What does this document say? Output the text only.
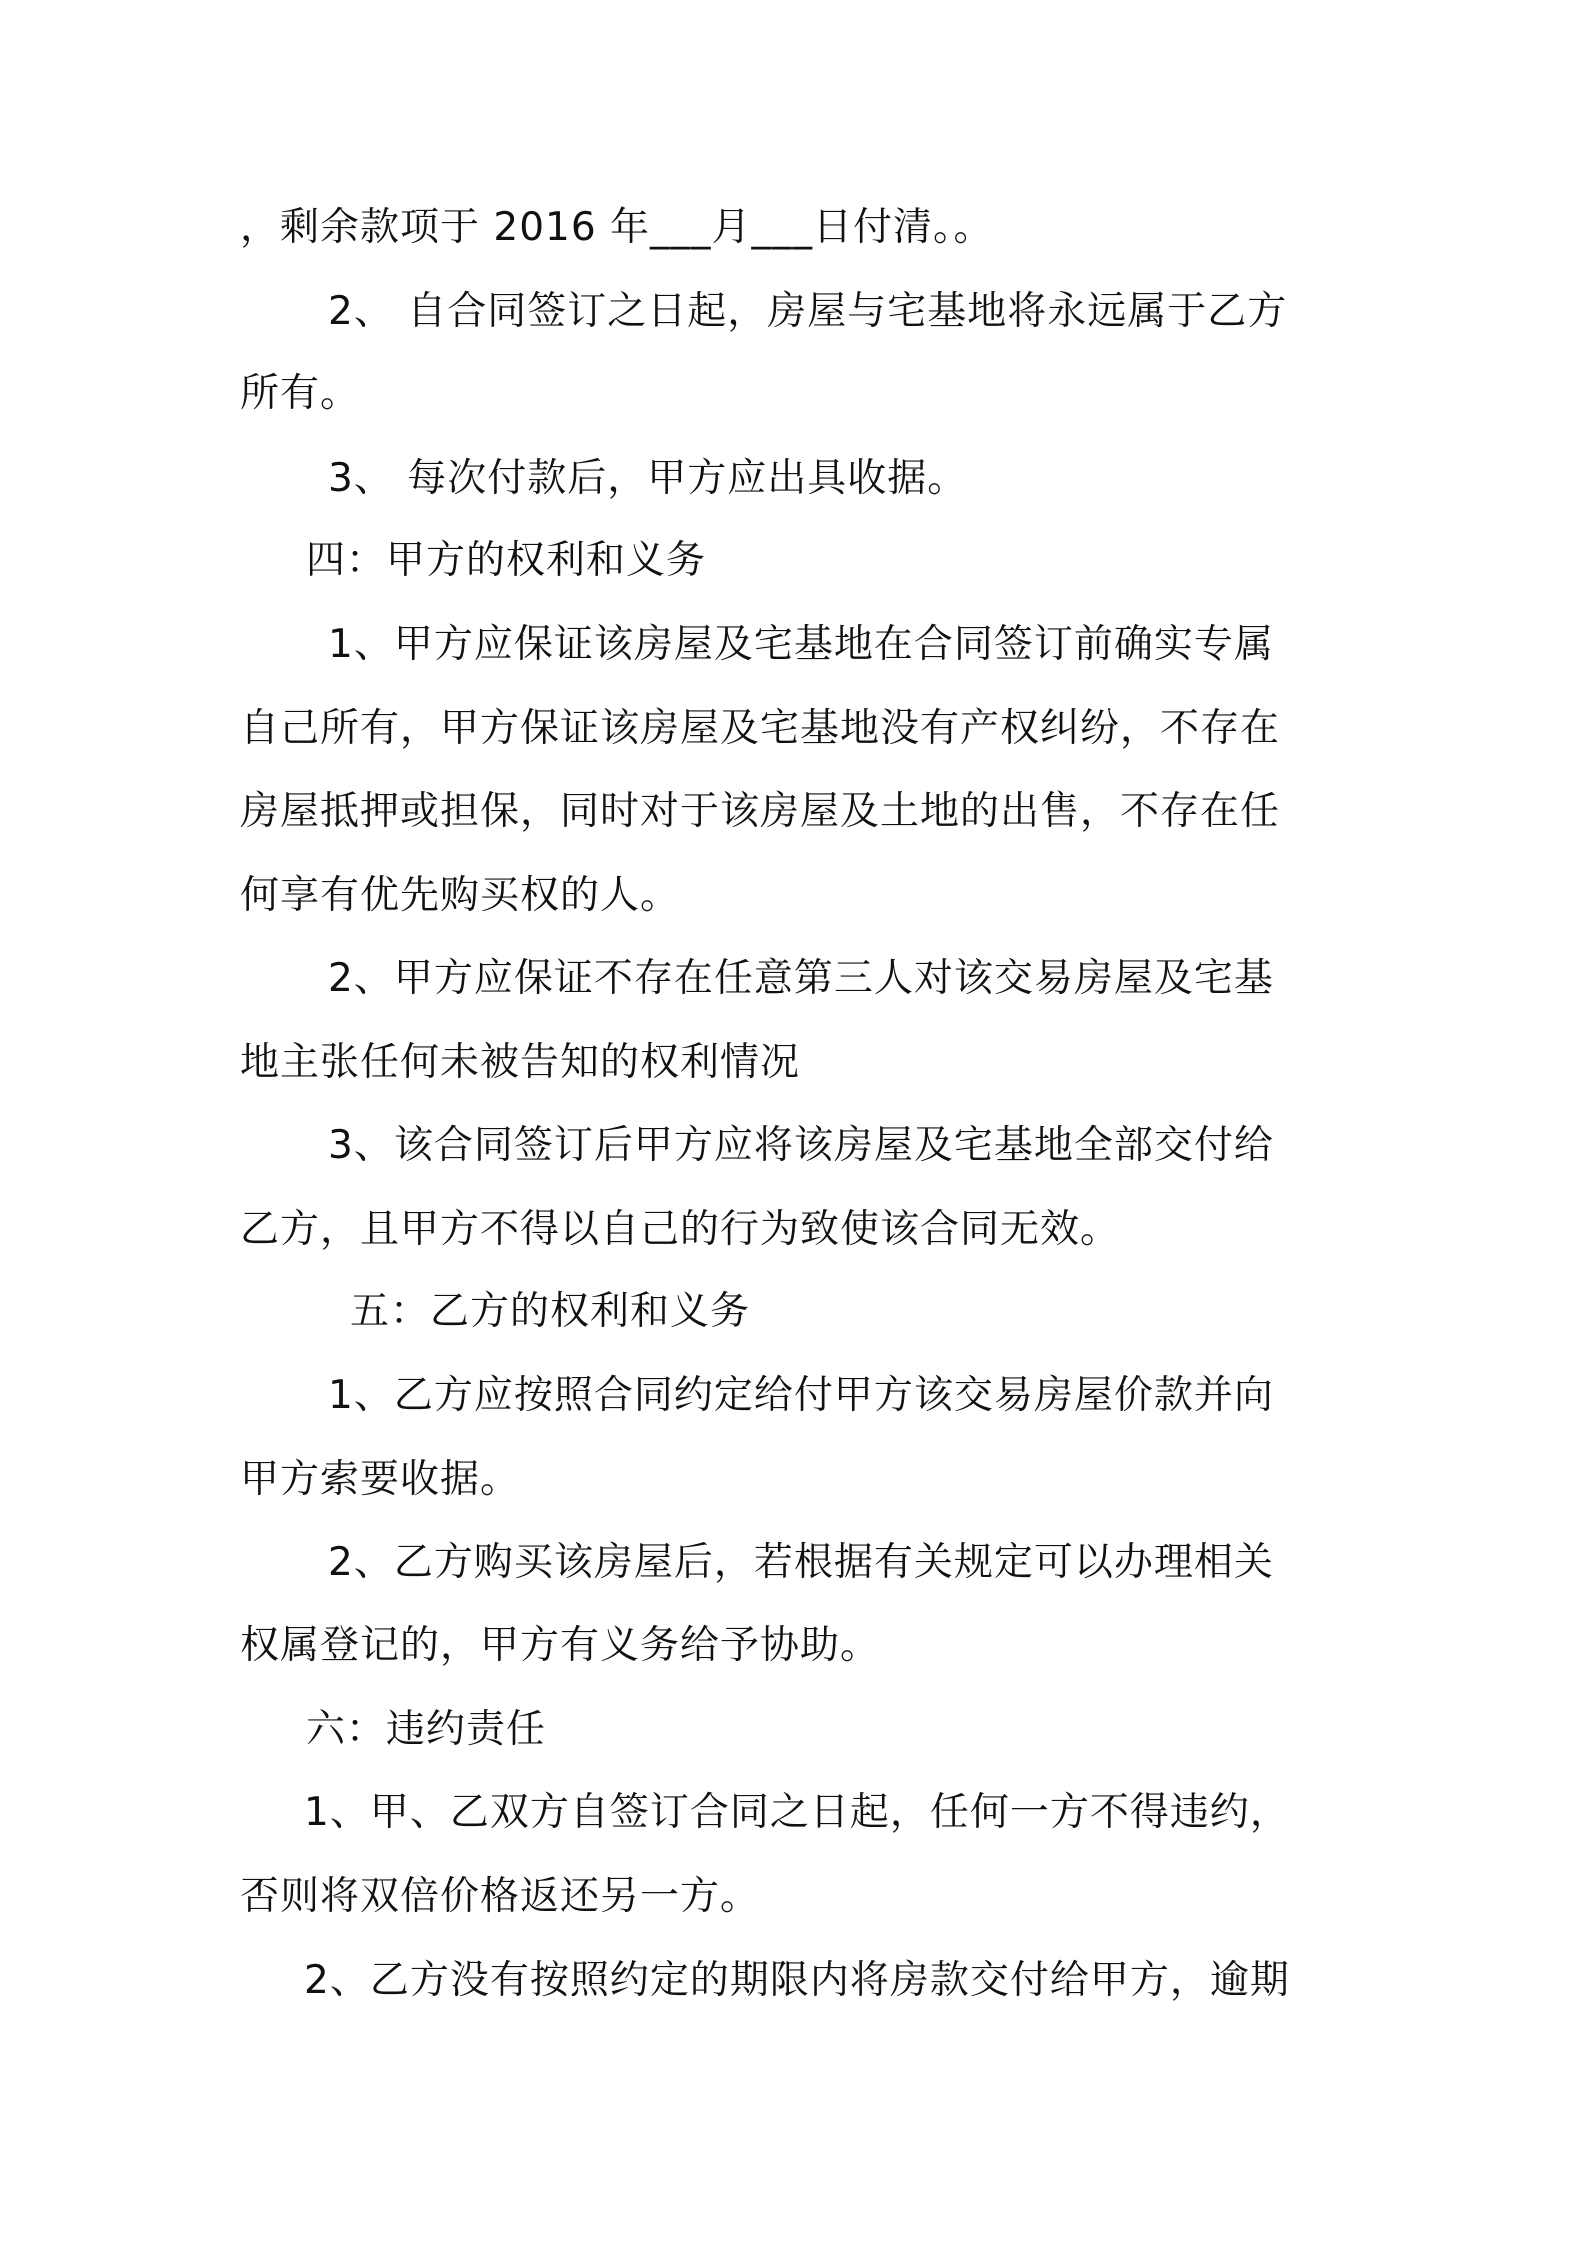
，剩余款项于 2016 年___月___日付清。。
2、 自合同签订之日起，房屋与宅基地将永远属于乙方
所有。
3、 每次付款后，甲方应出具收据。
四：甲方的权利和义务
1、甲方应保证该房屋及宅基地在合同签订前确实专属
自己所有，甲方保证该房屋及宅基地没有产权纠纷，不存在
房屋抵押或担保，同时对于该房屋及土地的出售，不存在任
何享有优先购买权的人。
2、甲方应保证不存在任意第三人对该交易房屋及宅基
地主张任何未被告知的权利情况
3、该合同签订后甲方应将该房屋及宅基地全部交付给
乙方，且甲方不得以自己的行为致使该合同无效。
五：乙方的权利和义务
1、乙方应按照合同约定给付甲方该交易房屋价款并向
甲方索要收据。
2、乙方购买该房屋后，若根据有关规定可以办理相关
权属登记的，甲方有义务给予协助。
六：违约责任
1、甲、乙双方自签订合同之日起，任何一方不得违约，
否则将双倍价格返还另一方。
2、乙方没有按照约定的期限内将房款交付给甲方，逾期
